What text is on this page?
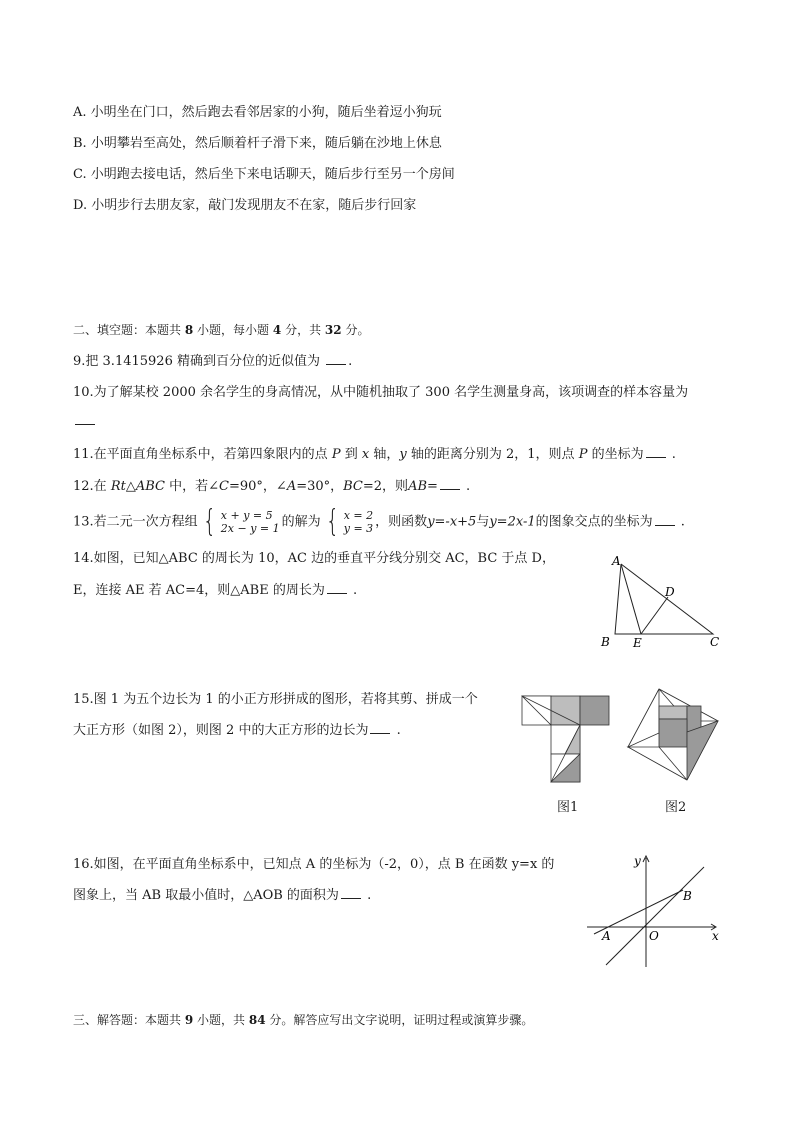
A. 小明坐在门口，然后跑去看邻居家的小狗，随后坐着逗小狗玩
B. 小明攀岩至高处，然后顺着杆子滑下来，随后躺在沙地上休息
C. 小明跑去接电话，然后坐下来电话聊天，随后步行至另一个房间
D. 小明步行去朋友家，敲门发现朋友不在家，随后步行回家
二、填空题：本题共 8 小题，每小题 4 分，共 32 分。
9.把 3.1415926 精确到百分位的近似值为 .
10.为了解某校 2000 余名学生的身高情况，从中随机抽取了 300 名学生测量身高，该项调查的样本容量为
11.在平面直角坐标系中，若第四象限内的点 P 到 x 轴，y 轴的距离分别为 2，1，则点 P 的坐标为 .
12.在 Rt△ABC 中，若∠C=90°，∠A=30°，BC=2，则AB= .
13.若二元一次方程组 { x + y = 5
2x − y = 1 的解为 { x = 2
y = 3 ，则函数y=-x+5与y=2x-1的图象交点的坐标为 .
14.如图，已知△ABC 的周长为 10，AC 边的垂直平分线分别交 AC，BC 于点 D，
E，连接 AE 若 AC=4，则△ABE 的周长为 .
A
B	C
D
E
15.图 1 为五个边长为 1 的小正方形拼成的图形，若将其剪、拼成一个
大正方形（如图 2），则图 2 中的大正方形的边长为 .
图1	图2
16.如图，在平面直角坐标系中，已知点 A 的坐标为（-2，0），点 B 在函数 y=x 的
图象上，当 AB 取最小值时，△AOB 的面积为 .
y
x
A	O
B
三、解答题：本题共 9 小题，共 84 分。解答应写出文字说明，证明过程或演算步骤。
